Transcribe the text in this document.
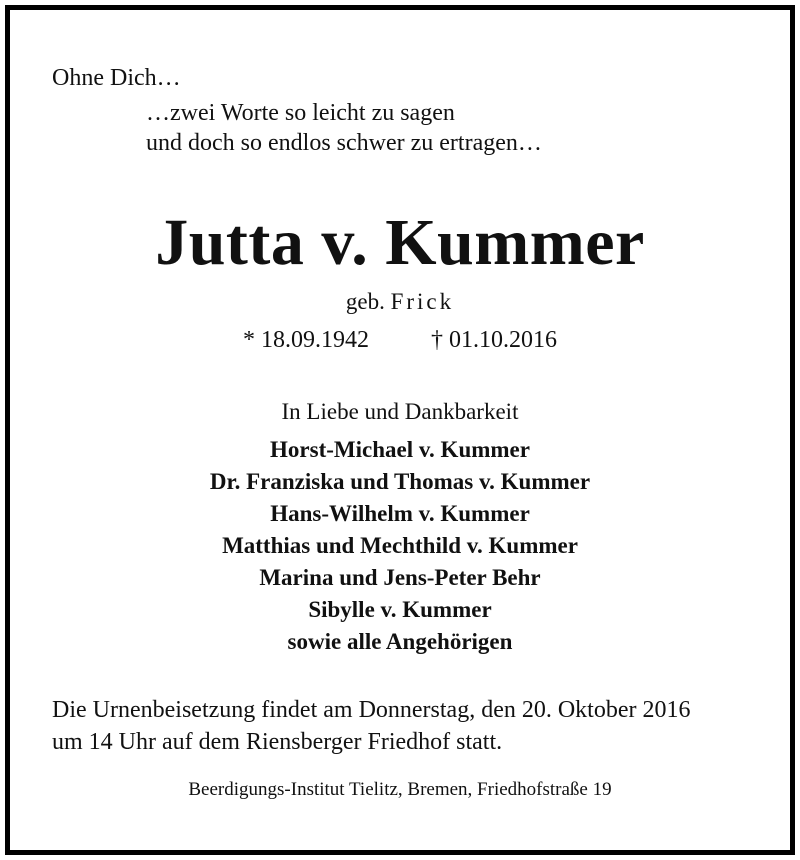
Ohne Dich…
…zwei Worte so leicht zu sagen
und doch so endlos schwer zu ertragen…
Jutta v. Kummer
geb. Frick
* 18.09.1942	† 01.10.2016
In Liebe und Dankbarkeit
Horst-Michael v. Kummer
Dr. Franziska und Thomas v. Kummer
Hans-Wilhelm v. Kummer
Matthias und Mechthild v. Kummer
Marina und Jens-Peter Behr
Sibylle v. Kummer
sowie alle Angehörigen
Die Urnenbeisetzung findet am Donnerstag, den 20. Oktober 2016
um 14 Uhr auf dem Riensberger Friedhof statt.
Beerdigungs-Institut Tielitz, Bremen, Friedhofstraße 19
